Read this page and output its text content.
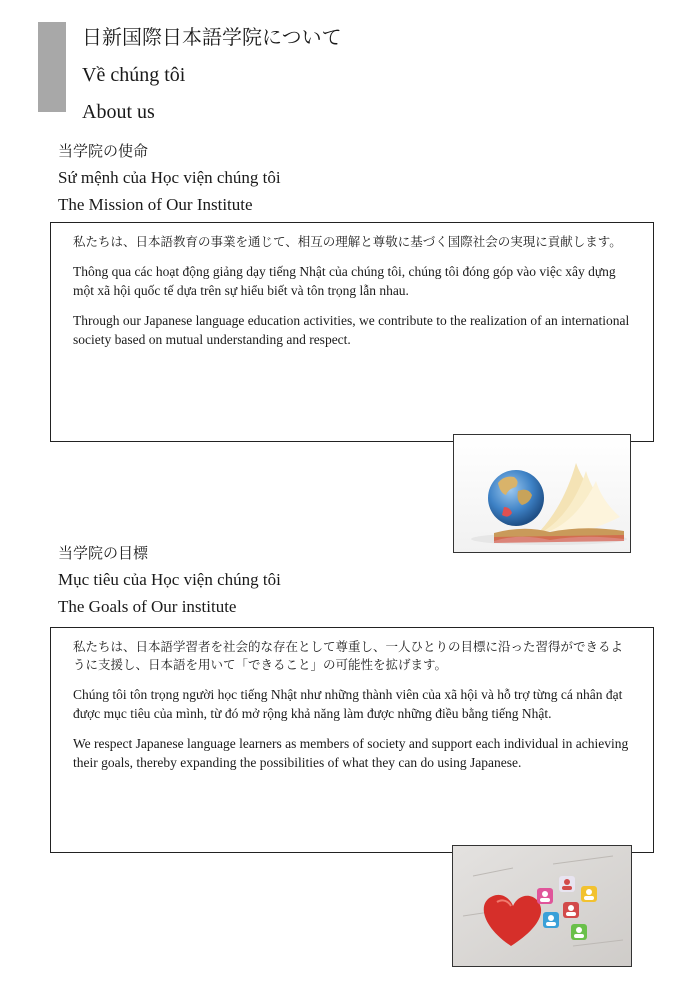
日新国際日本語学院について
Về chúng tôi
About us
当学院の使命
Sứ mệnh của Học viện chúng tôi
The Mission of Our Institute

私たちは、日本語教育の事業を通じて、相互の理解と尊敬に基づく国際社会の実現に貢献します。

Thông qua các hoạt động giảng dạy tiếng Nhật của chúng tôi, chúng tôi đóng góp vào việc xây dựng một xã hội quốc tế dựa trên sự hiểu biết và tôn trọng lẫn nhau.

Through our Japanese language education activities, we contribute to the realization of an international society based on mutual understanding and respect.

当学院の目標
Mục tiêu của Học viện chúng tôi
The Goals of Our institute

私たちは、日本語学習者を社会的な存在として尊重し、一人ひとりの目標に沿った習得ができるように支援し、日本語を用いて「できること」の可能性を拡げます。

Chúng tôi tôn trọng người học tiếng Nhật như những thành viên của xã hội và hỗ trợ từng cá nhân đạt được mục tiêu của mình, từ đó mở rộng khả năng làm được những điều bằng tiếng Nhật.

We respect Japanese language learners as members of society and support each individual in achieving their goals, thereby expanding the possibilities of what they can do using Japanese.
